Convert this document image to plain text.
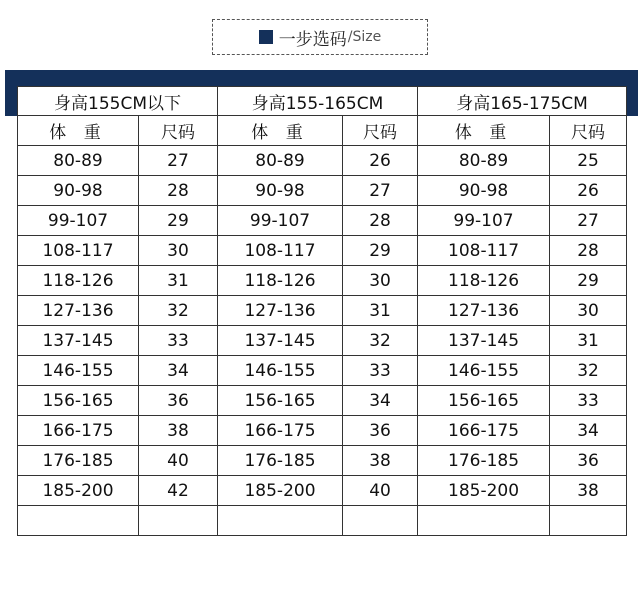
一步选码 /Size
身高155CM以下		身高155-165CM		身高165-175CM	
体 重	尺码	体 重	尺码	体 重	尺码
80-89	27	80-89	26	80-89	25
90-98	28	90-98	27	90-98	26
99-107	29	99-107	28	99-107	27
108-117	30	108-117	29	108-117	28
118-126	31	118-126	30	118-126	29
127-136	32	127-136	31	127-136	30
137-145	33	137-145	32	137-145	31
146-155	34	146-155	33	146-155	32
156-165	36	156-165	34	156-165	33
166-175	38	166-175	36	166-175	34
176-185	40	176-185	38	176-185	36
185-200	42	185-200	40	185-200	38
